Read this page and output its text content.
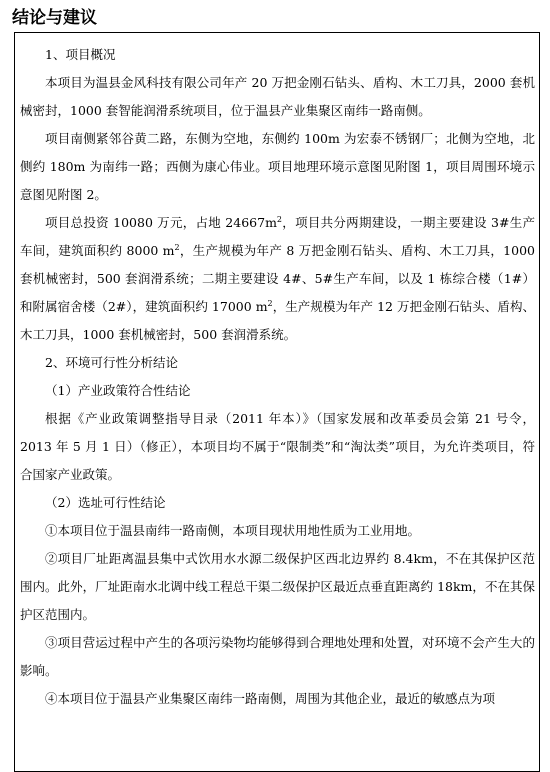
结论与建议

1、项目概况

本项目为温县金风科技有限公司年产 20 万把金刚石钻头、盾构、木工刀具，2000 套机械密封，1000 套智能润滑系统项目，位于温县产业集聚区南纬一路南侧。

项目南侧紧邻谷黄二路，东侧为空地，东侧约 100m 为宏泰不锈钢厂；北侧为空地，北侧约 180m 为南纬一路；西侧为康心伟业。项目地理环境示意图见附图 1，项目周围环境示意图见附图 2。

项目总投资 10080 万元，占地 $24667m^2$，项目共分两期建设，一期主要建设 3#生产车间，建筑面积约 8000 $m^2$，生产规模为年产 8 万把金刚石钻头、盾构、木工刀具，1000 套机械密封，500 套润滑系统；二期主要建设 4#、5#生产车间，以及 1 栋综合楼（1#）和附属宿舍楼（2#），建筑面积约 17000 $m^2$，生产规模为年产 12 万把金刚石钻头、盾构、木工刀具，1000 套机械密封，500 套润滑系统。

2、环境可行性分析结论

（1）产业政策符合性结论

根据《产业政策调整指导目录（2011 年本）》（国家发展和改革委员会第 21 号令，2013 年 5 月 1 日）（修正），本项目均不属于“限制类”和“淘汰类”项目，为允许类项目，符合国家产业政策。

（2）选址可行性结论

①本项目位于温县南纬一路南侧，本项目现状用地性质为工业用地。

②项目厂址距离温县集中式饮用水水源二级保护区西北边界约 8.4km，不在其保护区范围内。此外，厂址距南水北调中线工程总干渠二级保护区最近点垂直距离约 18km，不在其保护区范围内。

③项目营运过程中产生的各项污染物均能够得到合理地处理和处置，对环境不会产生大的影响。

④本项目位于温县产业集聚区南纬一路南侧，周围为其他企业，最近的敏感点为项
